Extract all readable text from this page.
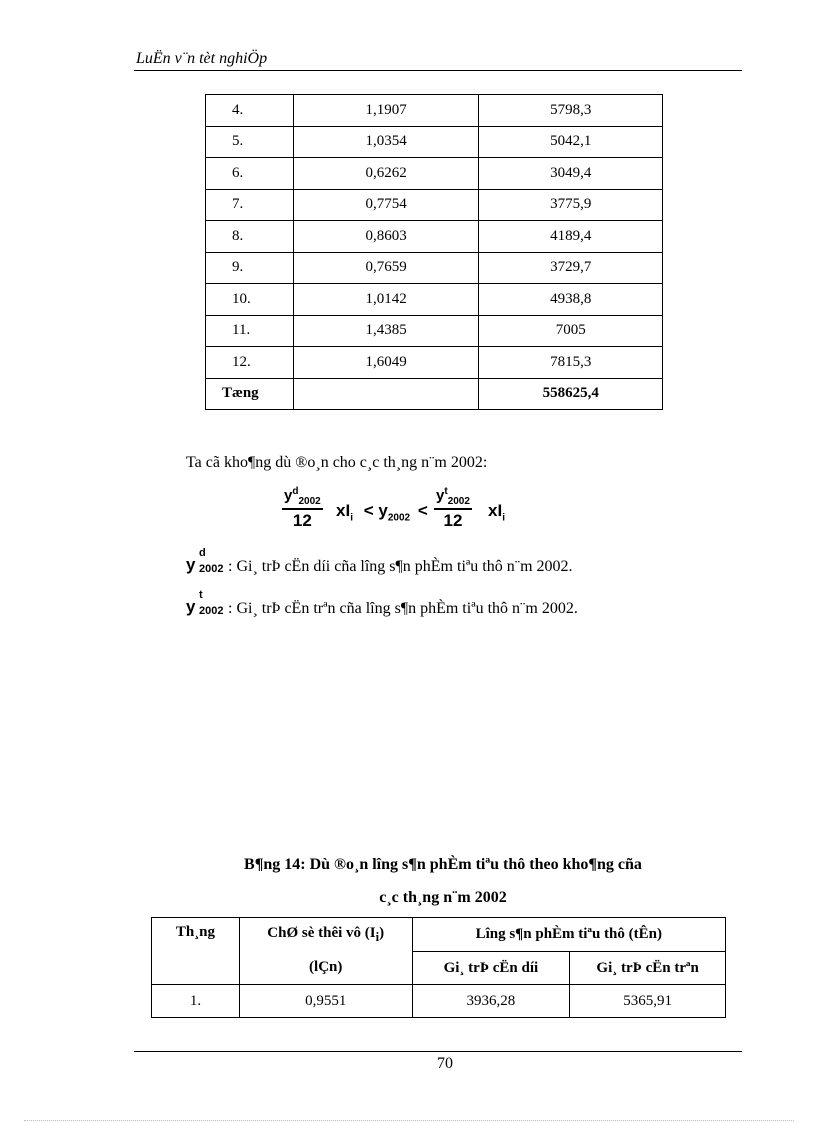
LuËn v¨n tèt nghiÖp
4.	1,1907	5798,3
5.	1,0354	5042,1
6.	0,6262	3049,4
7.	0,7754	3775,9
8.	0,8603	4189,4
9.	0,7659	3729,7
10.	1,0142	4938,8
11.	1,4385	7005
12.	1,6049	7815,3
Tæng		558625,4
Ta cã kho¶ng dù ®o¸n cho c¸c th¸ng n¨m 2002:
$\frac{y^d_{2002}}{12} xI_i < y_{2002} < \frac{y^t_{2002}}{12} xI_i$
y
d
2002 : Gi¸ trÞ cËn díi cña lîng s¶n phÈm tiªu thô n¨m 2002.
y
t
2002 : Gi¸ trÞ cËn trªn cña lîng s¶n phÈm tiªu thô n¨m 2002.
B¶ng 14: Dù ®o¸n lîng s¶n phÈm tiªu thô theo kho¶ng cña
c¸c th¸ng n¨m 2002
Th¸ng	ChØ sè thêi vô $(I_i)$	Lîng s¶n phÈm tiªu thô (tÊn)	
	(lÇn)	Gi¸ trÞ cËn díi	Gi¸ trÞ cËn trªn
1.	0,9551	3936,28	5365,91
70
